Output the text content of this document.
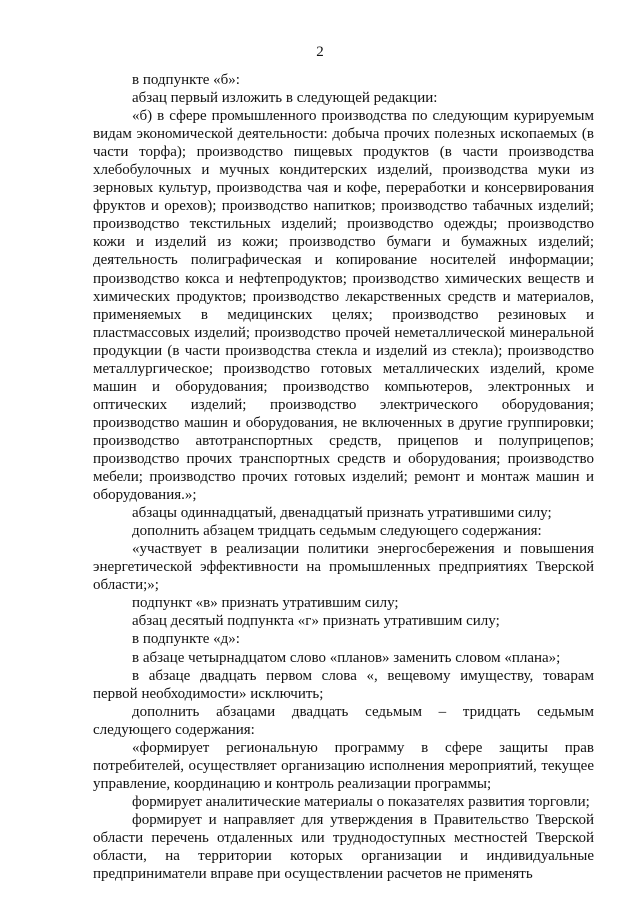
2

в подпункте «б»:

абзац первый изложить в следующей редакции:

«б) в сфере промышленного производства по следующим курируемым видам экономической деятельности: добыча прочих полезных ископаемых (в части торфа); производство пищевых продуктов (в части производства хлебобулочных и мучных кондитерских изделий, производства муки из зерновых культур, производства чая и кофе, переработки и консервирования фруктов и орехов); производство напитков; производство табачных изделий; производство текстильных изделий; производство одежды; производство кожи и изделий из кожи; производство бумаги и бумажных изделий; деятельность полиграфическая и копирование носителей информации; производство кокса и нефтепродуктов; производство химических веществ и химических продуктов; производство лекарственных средств и материалов, применяемых в медицинских целях; производство резиновых и пластмассовых изделий; производство прочей неметаллической минеральной продукции (в части производства стекла и изделий из стекла); производство металлургическое; производство готовых металлических изделий, кроме машин и оборудования; производство компьютеров, электронных и оптических изделий; производство электрического оборудования; производство машин и оборудования, не включенных в другие группировки; производство автотранспортных средств, прицепов и полуприцепов; производство прочих транспортных средств и оборудования; производство мебели; производство прочих готовых изделий; ремонт и монтаж машин и оборудования.»;

абзацы одиннадцатый, двенадцатый признать утратившими силу;

дополнить абзацем тридцать седьмым следующего содержания:

«участвует в реализации политики энергосбережения и повышения энергетической эффективности на промышленных предприятиях Тверской области;»;

подпункт «в» признать утратившим силу;

абзац десятый подпункта «г» признать утратившим силу;

в подпункте «д»:

в абзаце четырнадцатом слово «планов» заменить словом «плана»;

в абзаце двадцать первом слова «, вещевому имуществу, товарам первой необходимости» исключить;

дополнить абзацами двадцать седьмым – тридцать седьмым следующего содержания:

«формирует региональную программу в сфере защиты прав потребителей, осуществляет организацию исполнения мероприятий, текущее управление, координацию и контроль реализации программы;

формирует аналитические материалы о показателях развития торговли;

формирует и направляет для утверждения в Правительство Тверской области перечень отдаленных или труднодоступных местностей Тверской области, на территории которых организации и индивидуальные предприниматели вправе при осуществлении расчетов не применять
